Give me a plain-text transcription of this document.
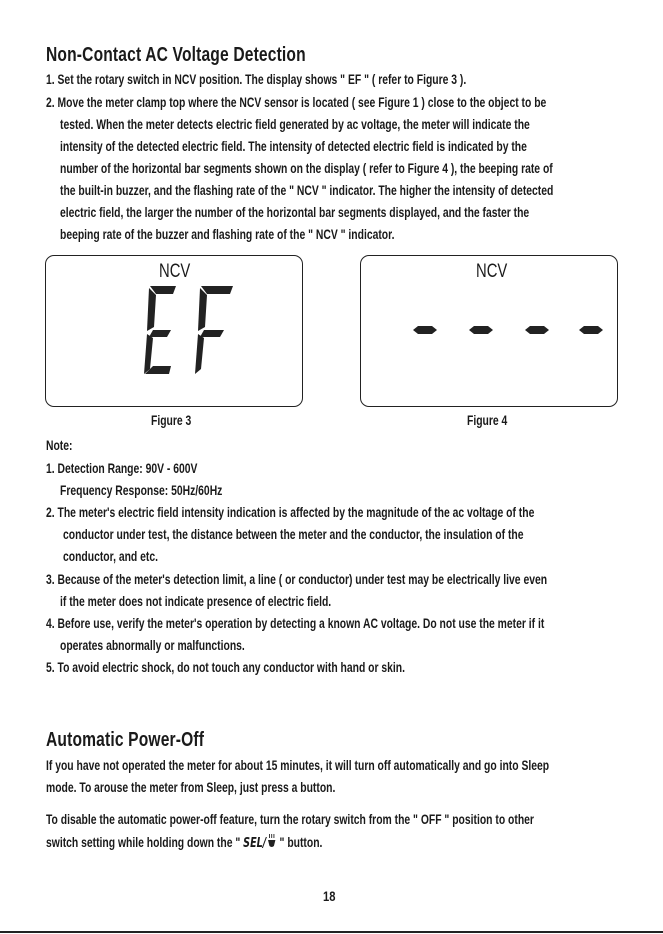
Non-Contact AC Voltage Detection
1. Set the rotary switch in NCV position. The display shows " EF " ( refer to Figure 3 ).
2. Move the meter clamp top where the NCV sensor is located ( see Figure 1 ) close to the object to be
tested. When the meter detects electric field generated by ac voltage, the meter will indicate the
intensity of the detected electric field. The intensity of detected electric field is indicated by the
number of the horizontal bar segments shown on the display ( refer to Figure 4 ), the beeping rate of
the built-in buzzer, and the flashing rate of the " NCV " indicator. The higher the intensity of detected
electric field, the larger the number of the horizontal bar segments displayed, and the faster the
beeping rate of the buzzer and flashing rate of the " NCV " indicator.
NCV
Figure 3
NCV
Figure 4
Note:
1. Detection Range: 90V - 600V
Frequency Response: 50Hz/60Hz
2. The meter's electric field intensity indication is affected by the magnitude of the ac voltage of the
conductor under test, the distance between the meter and the conductor, the insulation of the
conductor, and etc.
3. Because of the meter's detection limit, a line ( or conductor) under test may be electrically live even
if the meter does not indicate presence of electric field.
4. Before use, verify the meter's operation by detecting a known AC voltage. Do not use the meter if it
operates abnormally or malfunctions.
5. To avoid electric shock, do not touch any conductor with hand or skin.
Automatic Power-Off
If you have not operated the meter for about 15 minutes, it will turn off automatically and go into Sleep
mode. To arouse the meter from Sleep, just press a button.
To disable the automatic power-off feature, turn the rotary switch from the " OFF " position to other
switch setting while holding down the " SEL/ " button.
18
